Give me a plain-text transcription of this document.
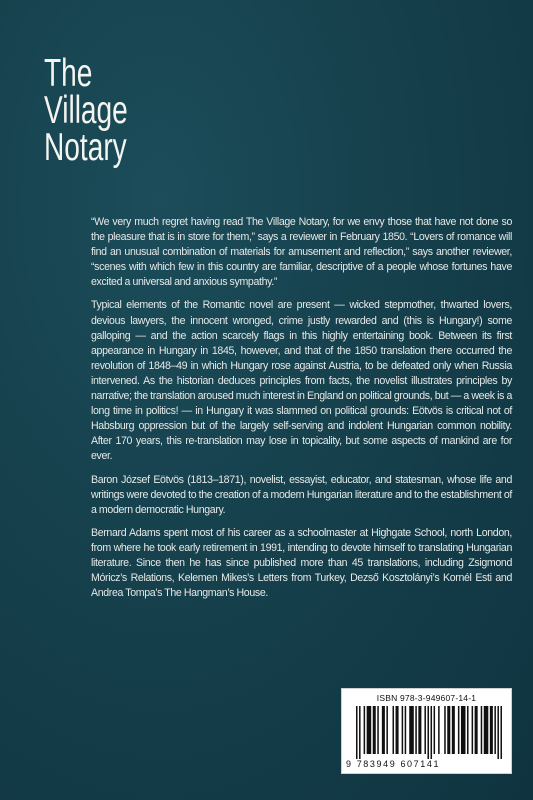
The
Village
Notary

“We very much regret having read The Village Notary, for we envy those that have not done so the pleasure that is in store for them,” says a reviewer in February 1850. “Lovers of romance will find an unusual combination of materials for amusement and reflection,” says another reviewer, “scenes with which few in this country are familiar, descriptive of a people whose fortunes have excited a universal and anxious sympathy.”

Typical elements of the Romantic novel are present — wicked stepmother, thwarted lovers, devious lawyers, the innocent wronged, crime justly rewarded and (this is Hungary!) some galloping — and the action scarcely flags in this highly entertaining book. Between its first appearance in Hungary in 1845, however, and that of the 1850 translation there occurred the revolution of 1848–49 in which Hungary rose against Austria, to be defeated only when Russia intervened. As the historian deduces principles from facts, the novelist illustrates principles by narrative; the translation aroused much interest in England on political grounds, but — a week is a long time in politics! — in Hungary it was slammed on political grounds: Eötvös is critical not of Habsburg oppression but of the largely self-serving and indolent Hungarian common nobility. After 170 years, this re-translation may lose in topicality, but some aspects of mankind are for ever.

Baron József Eötvös (1813–1871), novelist, essayist, educator, and statesman, whose life and writings were devoted to the creation of a modern Hungarian literature and to the establishment of a modern democratic Hungary.

Bernard Adams spent most of his career as a schoolmaster at Highgate School, north London, from where he took early retirement in 1991, intending to devote himself to translating Hungarian literature. Since then he has since published more than 45 translations, including Zsigmond Móricz’s Relations, Kelemen Mikes’s Letters from Turkey, Dezső Kosztolányi’s Kornél Esti and Andrea Tompa’s The Hangman’s House.

ISBN 978-3-949607-14-1
9 783949 607141
